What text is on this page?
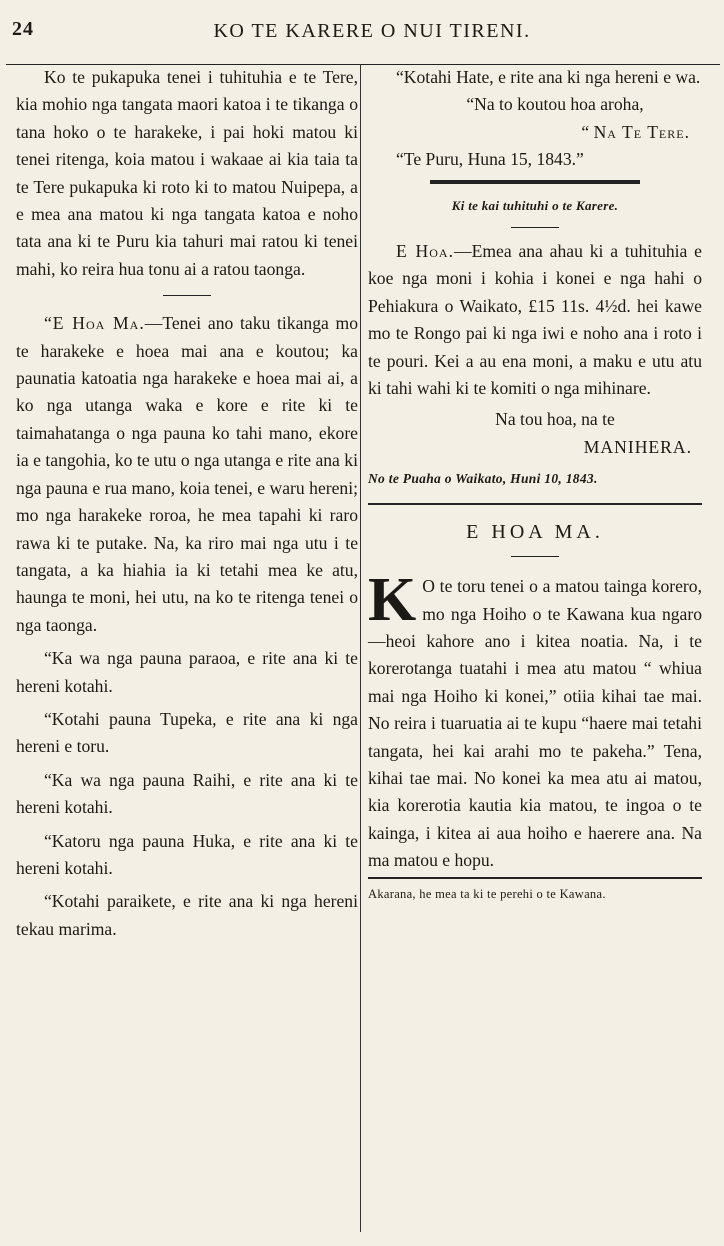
24	KO TE KARERE O NUI TIRENI.

Ko te pukapuka tenei i tuhituhia e te Tere, kia mohio nga tangata maori katoa i te tikanga o tana hoko o te harakeke, i pai hoki matou ki tenei ritenga, koia matou i wakaae ai kia taia ta te Tere pukapuka ki roto ki to matou Nuipepa, a e mea ana matou ki nga tangata katoa e noho tata ana ki te Puru kia tahuri mai ratou ki tenei mahi, ko reira hua tonu ai a ratou taonga.

“E Hoa Ma.—Tenei ano taku tikanga mo te harakeke e hoea mai ana e koutou; ka paunatia katoatia nga harakeke e hoea mai ai, a ko nga utanga waka e kore e rite ki te taimahatanga o nga pauna ko tahi mano, ekore ia e tangohia, ko te utu o nga utanga e rite ana ki nga pauna e rua mano, koia tenei, e waru hereni; mo nga harakeke roroa, he mea tapahi ki raro rawa ki te putake. Na, ka riro mai nga utu i te tangata, a ka hiahia ia ki tetahi mea ke atu, haunga te moni, hei utu, na ko te ritenga tenei o nga taonga.

“Ka wa nga pauna paraoa, e rite ana ki te hereni kotahi.

“Kotahi pauna Tupeka, e rite ana ki nga hereni e toru.

“Ka wa nga pauna Raihi, e rite ana ki te hereni kotahi.

“Katoru nga pauna Huka, e rite ana ki te hereni kotahi.

“Kotahi paraikete, e rite ana ki nga hereni tekau marima.

“Kotahi Hate, e rite ana ki nga hereni e wa.

“Na to koutou hoa aroha,

“ Na Te Tere.

“Te Puru, Huna 15, 1843.”

Ki te kai tuhituhi o te Karere.

E Hoa.—Emea ana ahau ki a tuhituhia e koe nga moni i kohia i konei e nga hahi o Pehiakura o Waikato, £15 11s. 4½d. hei kawe mo te Rongo pai ki nga iwi e noho ana i roto i te pouri. Kei a au ena moni, a maku e utu atu ki tahi wahi ki te komiti o nga mihinare.

Na tou hoa, na te

MANIHERA.

No te Puaha o Waikato, Huni 10, 1843.

E HOA MA.

K O te toru tenei o a matou tainga korero, mo nga Hoiho o te Kawana kua ngaro—heoi kahore ano i kitea noatia. Na, i te korerotanga tuatahi i mea atu matou “ whiua mai nga Hoiho ki konei,” otiia kihai tae mai. No reira i tuaruatia ai te kupu “haere mai tetahi tangata, hei kai arahi mo te pakeha.” Tena, kihai tae mai. No konei ka mea atu ai matou, kia korerotia kautia kia matou, te ingoa o te kainga, i kitea ai aua hoiho e haerere ana. Na ma matou e hopu.

Akarana, he mea ta ki te perehi o te Kawana.
